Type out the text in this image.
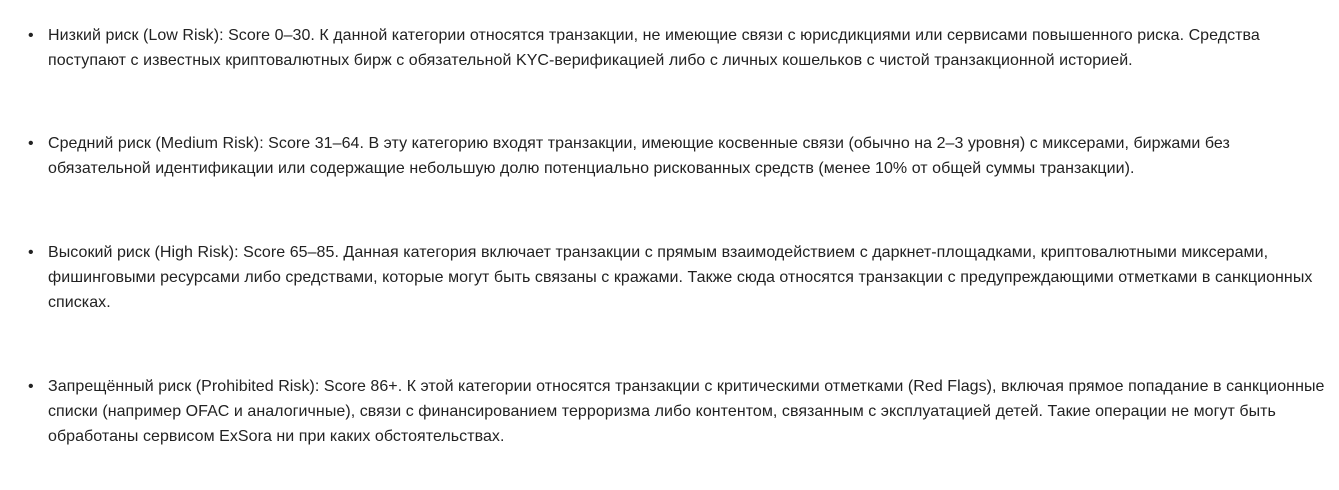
• Низкий риск (Low Risk): Score 0–30. К данной категории относятся транзакции, не имеющие связи с юрисдикциями или сервисами повышенного риска. Средства поступают с известных криптовалютных бирж с обязательной KYC-верификацией либо с личных кошельков с чистой транзакционной историей.
• Средний риск (Medium Risk): Score 31–64. В эту категорию входят транзакции, имеющие косвенные связи (обычно на 2–3 уровня) с миксерами, биржами без обязательной идентификации или содержащие небольшую долю потенциально рискованных средств (менее 10% от общей суммы транзакции).
• Высокий риск (High Risk): Score 65–85. Данная категория включает транзакции с прямым взаимодействием с даркнет-площадками, криптовалютными миксерами, фишинговыми ресурсами либо средствами, которые могут быть связаны с кражами. Также сюда относятся транзакции с предупреждающими отметками в санкционных списках.
• Запрещённый риск (Prohibited Risk): Score 86+. К этой категории относятся транзакции с критическими отметками (Red Flags), включая прямое попадание в санкционные списки (например OFAC и аналогичные), связи с финансированием терроризма либо контентом, связанным с эксплуатацией детей. Такие операции не могут быть обработаны сервисом ExSora ни при каких обстоятельствах.
